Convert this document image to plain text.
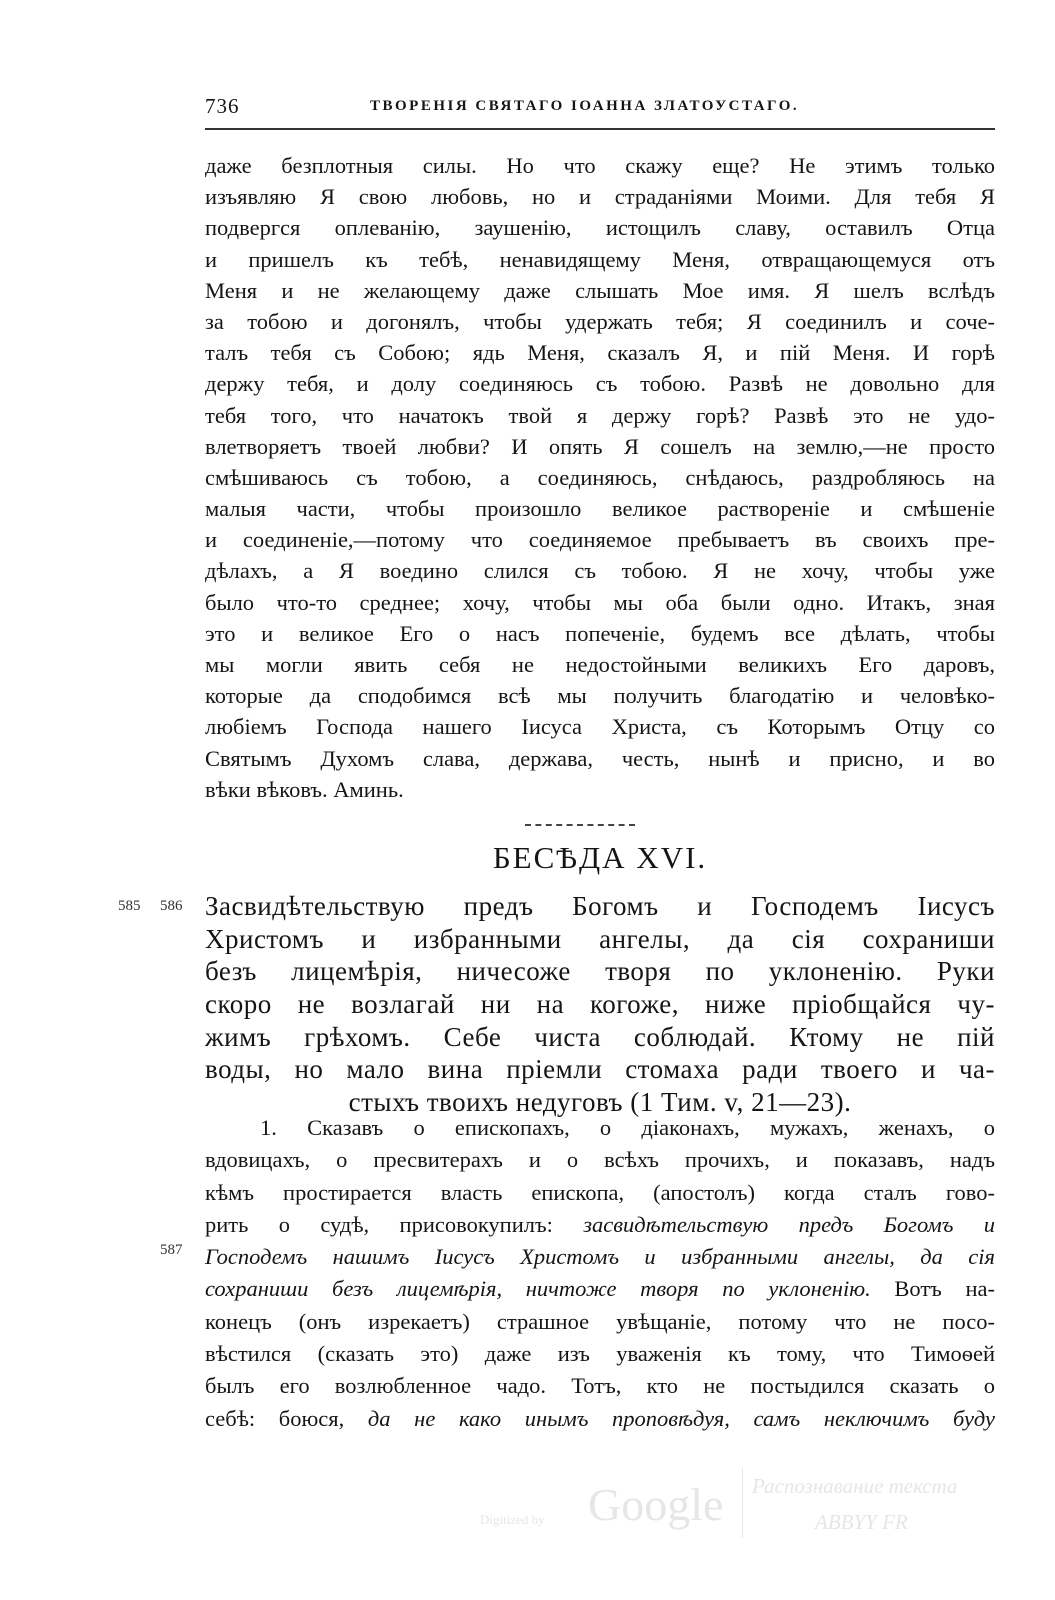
736	ТВОРЕНІЯ СВЯТАГО ІОАННА ЗЛАТОУСТАГО.
даже безплотныя силы. Но что скажу еще? Не этимъ только
изъявляю Я свою любовь, но и страданіями Моими. Для тебя Я
подвергся оплеванію, заушенію, истощилъ славу, оставилъ Отца
и пришелъ къ тебѣ, ненавидящему Меня, отвращающемуся отъ
Меня и не желающему даже слышать Мое имя. Я шелъ вслѣдъ
за тобою и догонялъ, чтобы удержать тебя; Я соединилъ и сочe-
талъ тебя съ Собою; ядь Меня, сказалъ Я, и пій Меня. И горѣ
держу тебя, и долу соединяюсь съ тобою. Развѣ не довольно для
тебя того, что начатокъ твой я держу горѣ? Развѣ это не удо-
влетворяетъ твоей любви? И опять Я сошелъ на землю,—не просто
смѣшиваюсь съ тобою, а соединяюсь, снѣдаюсь, раздробляюсь на
малыя части, чтобы произошло великое раствореніе и смѣшеніе
и соединеніе,—потому что соединяемое пребываетъ въ своихъ пре-
дѣлахъ, а Я воедино слился съ тобою. Я не хочу, чтобы уже
было что-то среднее; хочу, чтобы мы оба были одно. Итакъ, зная
это и великое Его о насъ попеченіе, будемъ все дѣлать, чтобы
мы могли явить себя не недостойными великихъ Его даровъ,
которые да сподобимся всѣ мы получить благодатію и человѣко-
любіемъ Господа нашего Іисуса Христа, съ Которымъ Отцу со
Святымъ Духомъ слава, держава, честь, нынѣ и присно, и во
вѣки вѣковъ. Аминь.
БЕСѢДА XVI.
585 586 Засвидѣтельствую предъ Богомъ и Господемъ Іисусъ
Христомъ и избранными ангелы, да сія сохраниши
безъ лицемѣрія, ничесоже творя по уклоненію. Руки
скоро не возлагай ни на когоже, ниже пріобщайся чу-
жимъ грѣхомъ. Себе чиста соблюдай. Ктому не пій
воды, но мало вина пріемли стомаха ради твоего и ча-
стыхъ твоихъ недуговъ (1 Тим. v, 21—23).
587
1. Сказавъ о епископахъ, о діаконахъ, мужахъ, женахъ, о
вдовицахъ, о пресвитерахъ и о всѣхъ прочихъ, и показавъ, надъ
кѣмъ простирается власть епископа, (апостолъ) когда сталъ гово-
рить о судѣ, присовокупилъ: засвидѣтельствую предъ Богомъ и
Господемъ нашимъ Іисусъ Христомъ и избранными ангелы, да сія
сохраниши безъ лицемѣрія, ничтоже творя по уклоненію. Вотъ на-
конецъ (онъ изрекаетъ) страшное увѣщаніе, потому что не посо-
вѣстился (сказать это) даже изъ уваженія къ тому, что Тимоѳей
былъ его возлюбленное чадо. Тотъ, кто не постыдился сказать о
себѣ: боюся, да не како инымъ проповѣдуя, самъ неключимъ буду
Digitized by Google Распознавание текста
ABBYY FR
